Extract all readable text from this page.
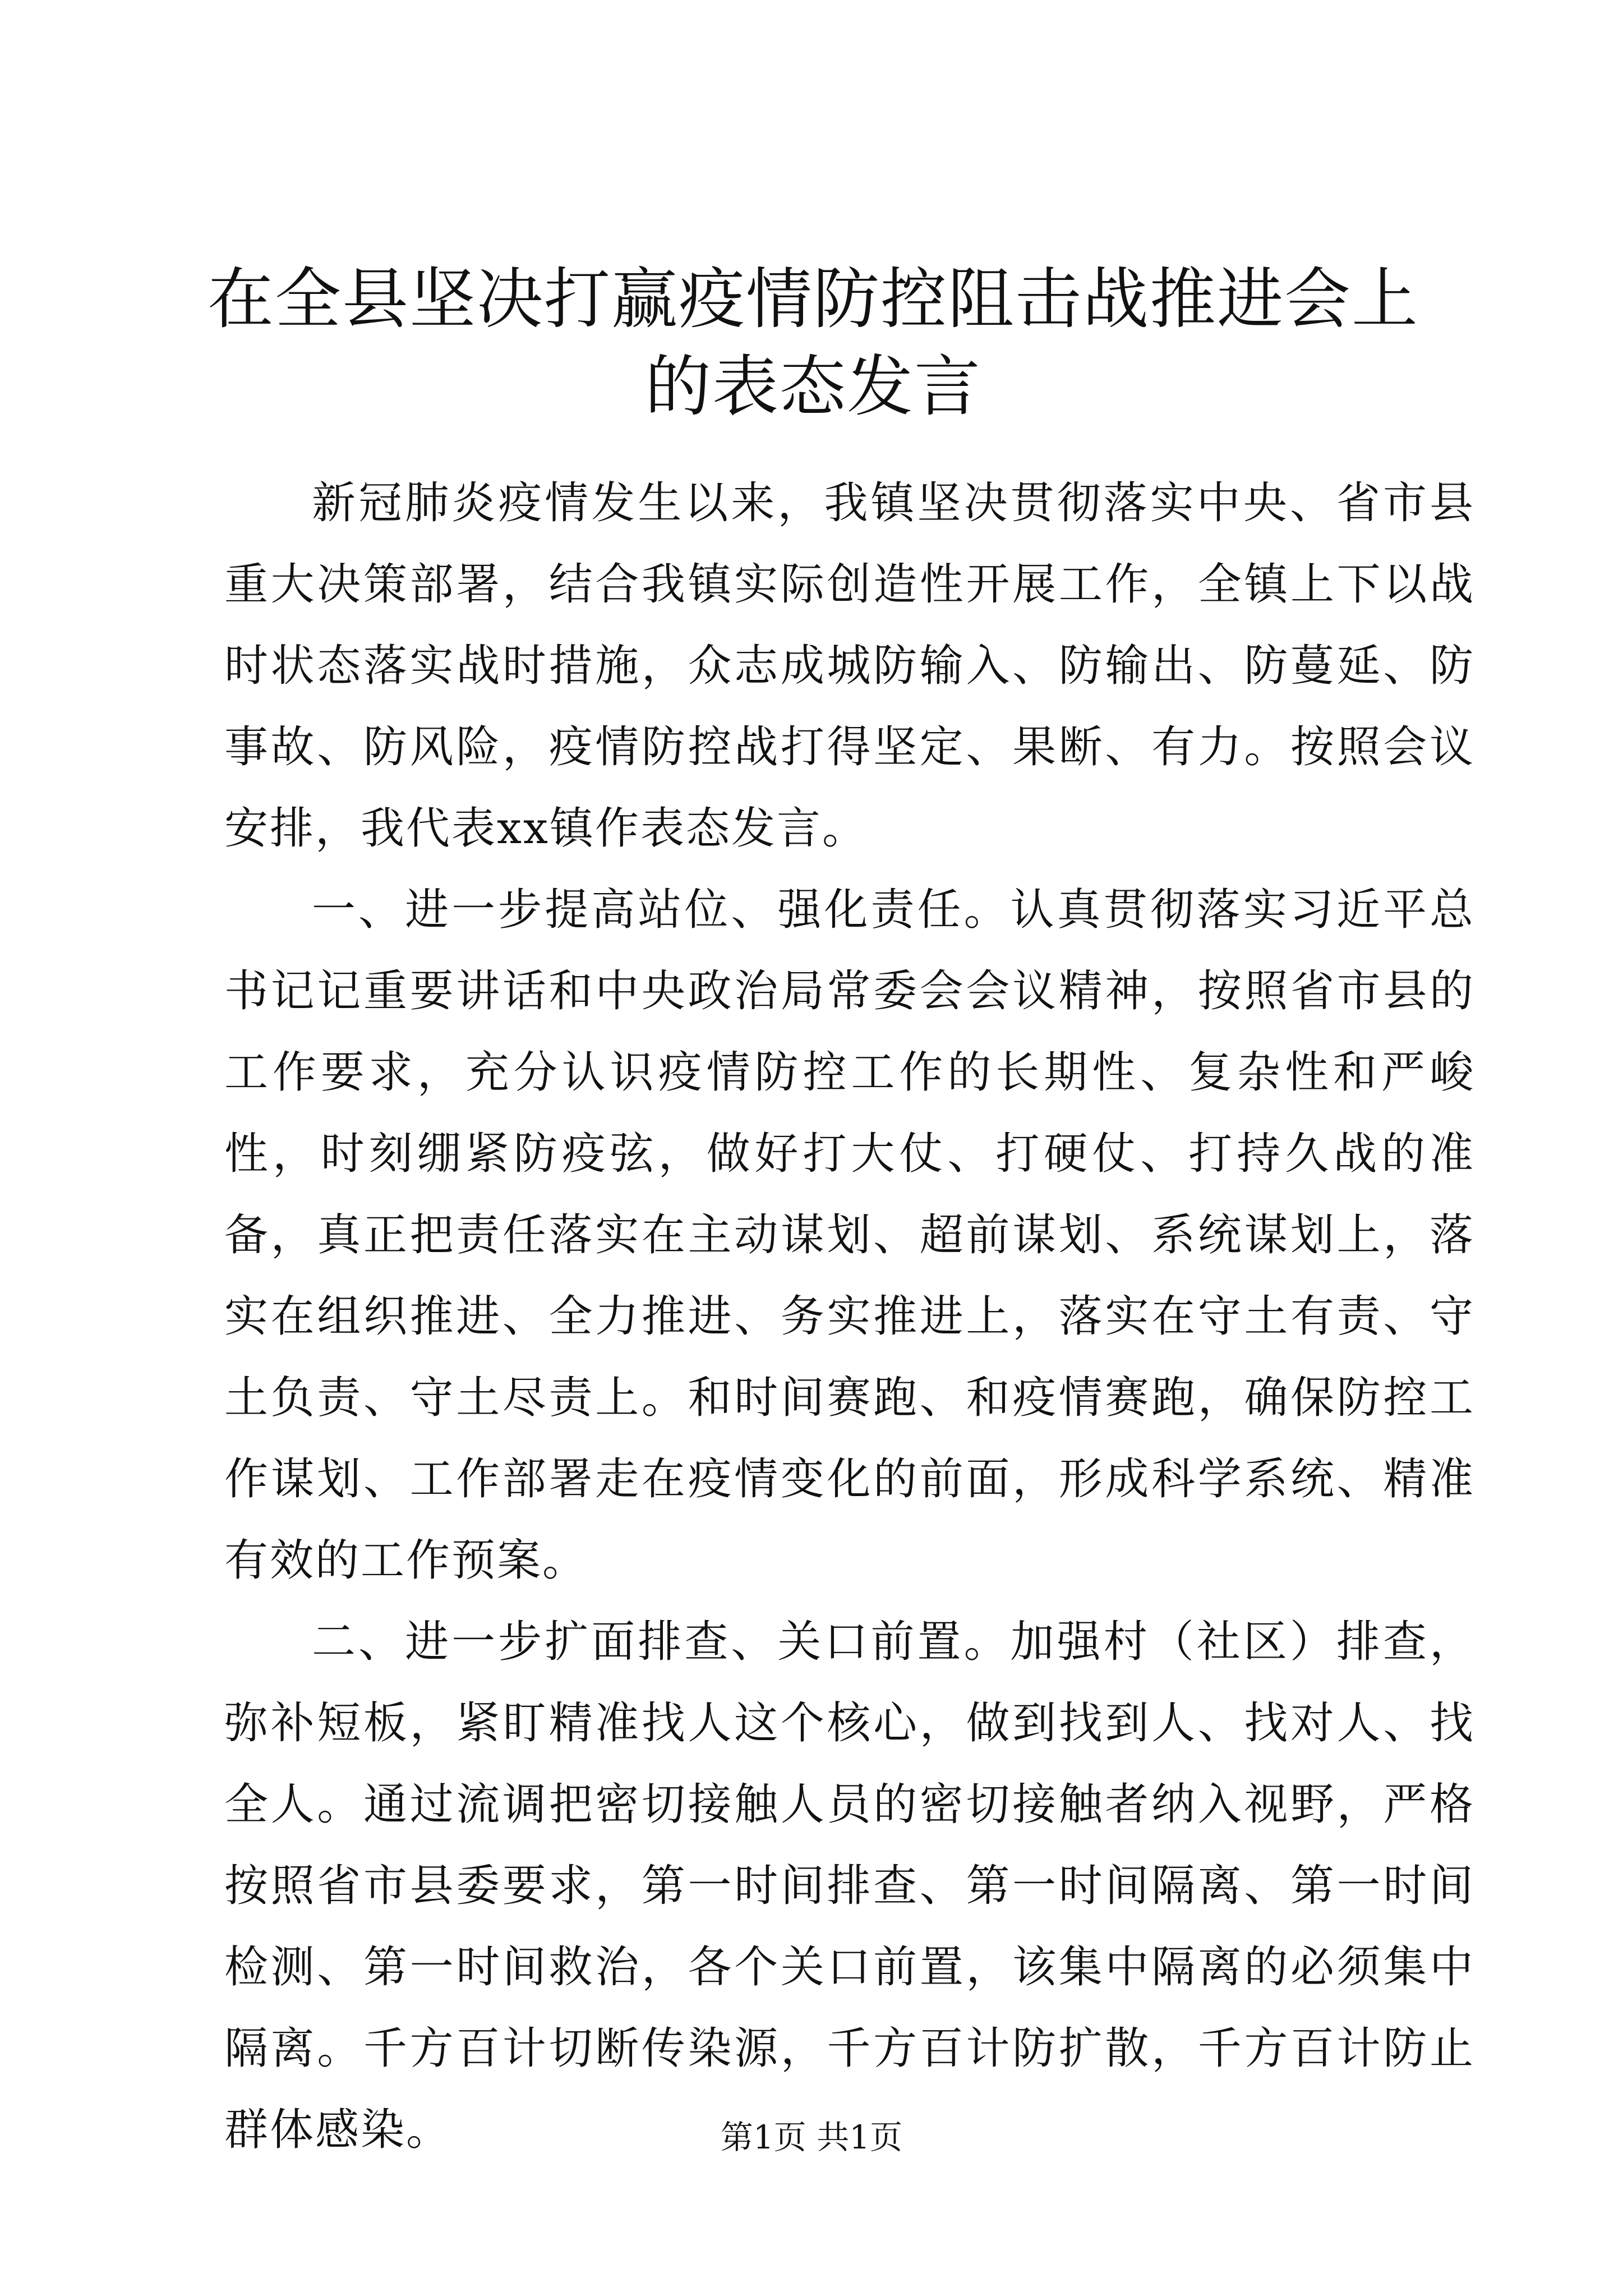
在全县坚决打赢疫情防控阻击战推进会上的表态发言

新冠肺炎疫情发生以来，我镇坚决贯彻落实中央、省市县重大决策部署，结合我镇实际创造性开展工作，全镇上下以战时状态落实战时措施，众志成城防输入、防输出、防蔓延、防事故、防风险，疫情防控战打得坚定、果断、有力。按照会议安排，我代表xx镇作表态发言。

一、进一步提高站位、强化责任。认真贯彻落实习近平总书记记重要讲话和中央政治局常委会会议精神，按照省市县的工作要求，充分认识疫情防控工作的长期性、复杂性和严峻性，时刻绷紧防疫弦，做好打大仗、打硬仗、打持久战的准备，真正把责任落实在主动谋划、超前谋划、系统谋划上，落实在组织推进、全力推进、务实推进上，落实在守土有责、守土负责、守土尽责上。和时间赛跑、和疫情赛跑，确保防控工作谋划、工作部署走在疫情变化的前面，形成科学系统、精准有效的工作预案。

二、进一步扩面排查、关口前置。加强村（社区）排查，弥补短板，紧盯精准找人这个核心，做到找到人、找对人、找全人。通过流调把密切接触人员的密切接触者纳入视野，严格按照省市县委要求，第一时间排查、第一时间隔离、第一时间检测、第一时间救治，各个关口前置，该集中隔离的必须集中隔离。千方百计切断传染源，千方百计防扩散，千方百计防止群体感染。	第1页 共1页
